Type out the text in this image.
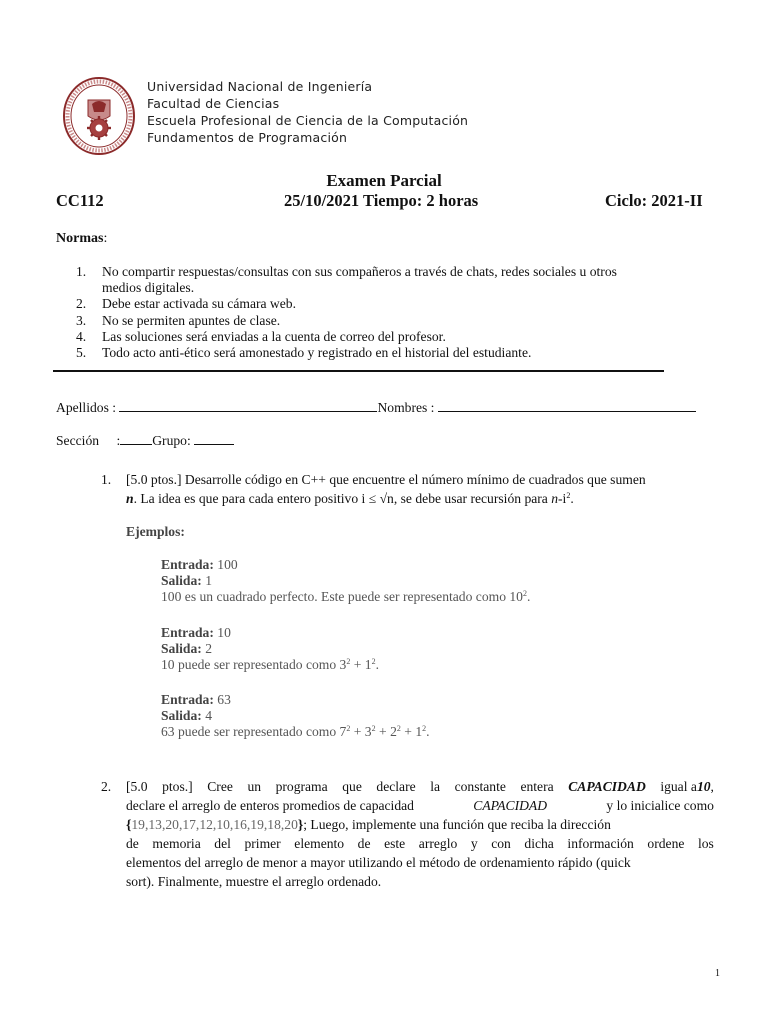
Universidad Nacional de Ingeniería
Facultad de Ciencias
Escuela Profesional de Ciencia de la Computación
Fundamentos de Programación
Examen Parcial
CC112	25/10/2021 Tiempo: 2 horas	Ciclo: 2021-II
Normas:
1. No compartir respuestas/consultas con sus compañeros a través de chats, redes sociales u otros
medios digitales.
2. Debe estar activada su cámara web.
3. No se permiten apuntes de clase.
4. Las soluciones será enviadas a la cuenta de correo del profesor.
5. Todo acto anti-ético será amonestado y registrado en el historial del estudiante.
Apellidos :	Nombres :
Sección : Grupo:
1. [5.0 ptos.] Desarrolle código en C++ que encuentre el número mínimo de cuadrados que sumen
n. La idea es que para cada entero positivo i ≤ √n, se debe usar recursión para $n-i^2$.
Ejemplos:
Entrada: 100
Salida: 1
100 es un cuadrado perfecto. Este puede ser representado como $10^2$.
Entrada: 10
Salida: 2
10 puede ser representado como $3^2 + 1^2$.
Entrada: 63
Salida: 4
63 puede ser representado como $7^2 + 3^2 + 2^2 + 1^2$.
2. [5.0 ptos.] Cree un programa que declare la constante entera CAPACIDAD igual a10,
declare el arreglo de enteros promedios de capacidad	CAPACIDAD	y lo inicialice como
{19,13,20,17,12,10,16,19,18,20}; Luego, implemente una función que reciba la dirección
de memoria del primer elemento de este arreglo y con dicha información ordene los
elementos del arreglo de menor a mayor utilizando el método de ordenamiento rápido (quick
sort). Finalmente, muestre el arreglo ordenado.
1
